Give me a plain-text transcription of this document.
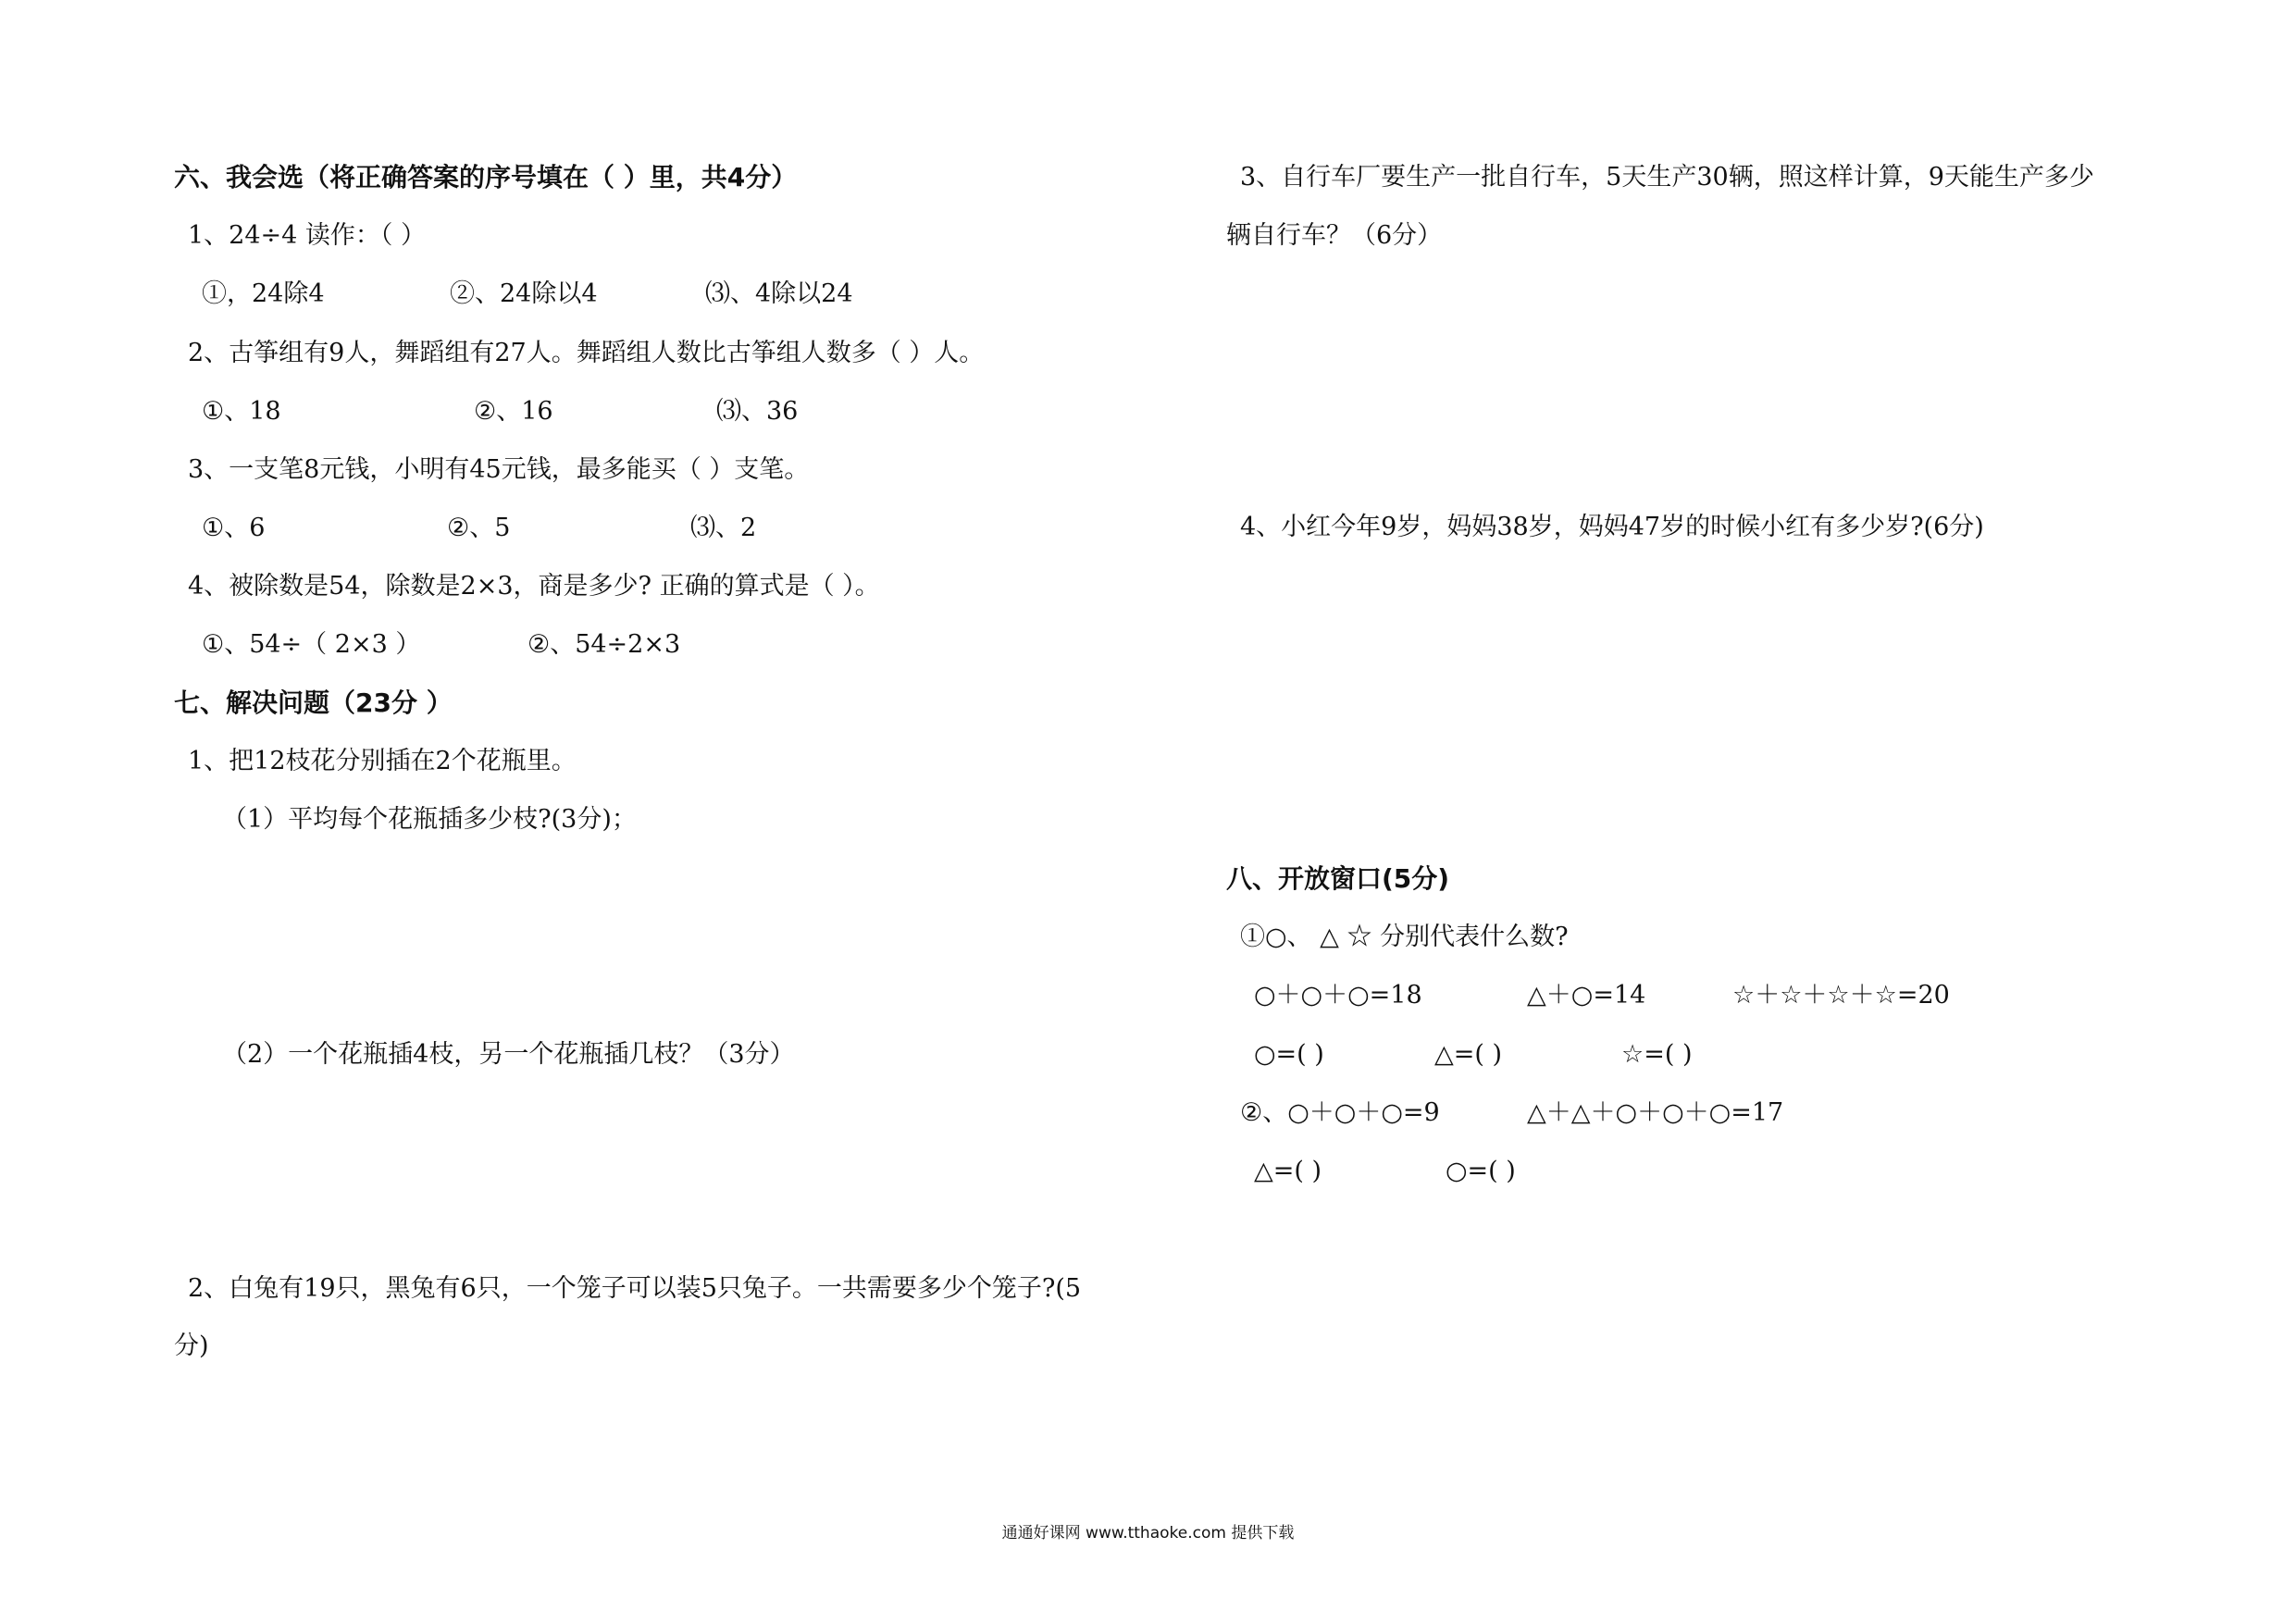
六、我会选（将正确答案的序号填在（ ）里，共4分）
1、24÷4 读作：（ ）
①，24除4	②、24除以4	⑶、4除以24
2、古筝组有9人，舞蹈组有27人。舞蹈组人数比古筝组人数多（ ）人。
①、18	②、16	⑶、36
3、一支笔8元钱，小明有45元钱，最多能买（ ）支笔。
①、6	②、5	⑶、2
4、被除数是54，除数是2×3，商是多少? 正确的算式是（ ）。
①、54÷（ 2×3 ）	②、54÷2×3
七、解决问题（23分 ）
1、把12枝花分别插在2个花瓶里。
（1）平均每个花瓶插多少枝?(3分)；
（2）一个花瓶插4枝，另一个花瓶插几枝？（3分）
2、白兔有19只，黑兔有6只，一个笼子可以装5只兔子。一共需要多少个笼子?(5
分)
3、自行车厂要生产一批自行车，5天生产30辆，照这样计算，9天能生产多少
辆自行车？（6分）
4、小红今年9岁，妈妈38岁，妈妈47岁的时候小红有多少岁?(6分)
八、开放窗口(5分)
①○、 △ ☆ 分别代表什么数?
○＋○＋○=18	△＋○=14	☆＋☆＋☆＋☆=20
○=( )	△=( )	☆=( )
②、○＋○＋○=9	△＋△＋○＋○＋○=17
△=( )	○=( )
通通好课网 www.tthaoke.com 提供下载
